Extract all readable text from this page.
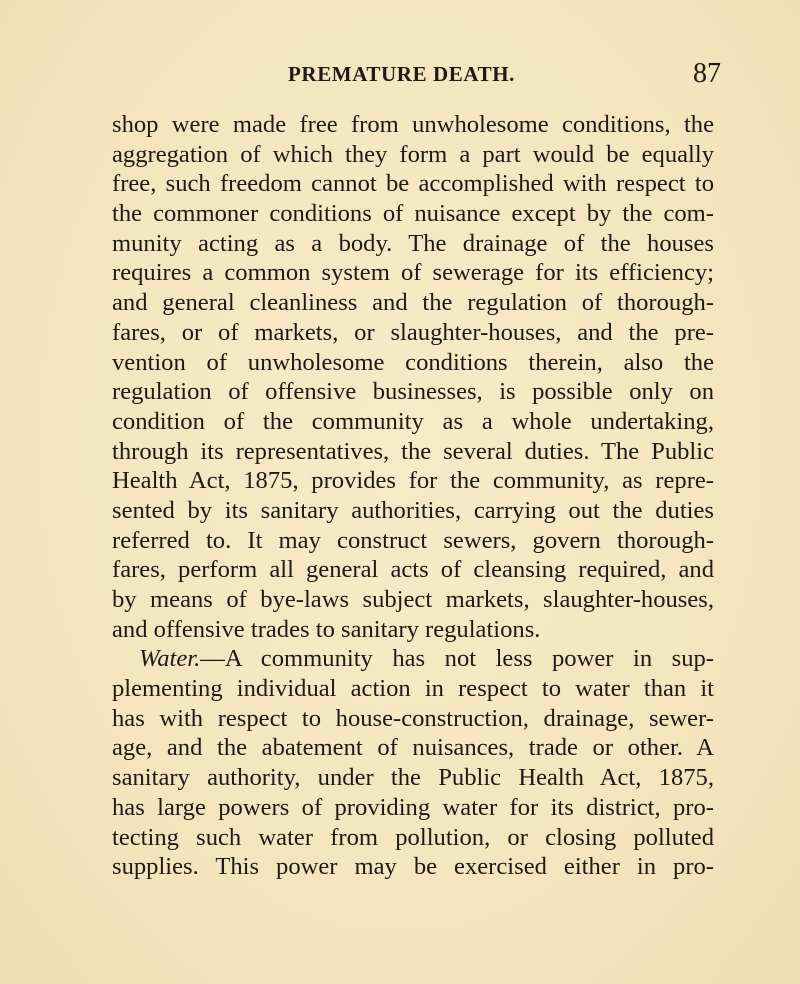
PREMATURE DEATH.	87
shop were made free from unwholesome conditions, the
aggregation of which they form a part would be equally
free, such freedom cannot be accomplished with respect to
the commoner conditions of nuisance except by the com-
munity acting as a body. The drainage of the houses
requires a common system of sewerage for its efficiency;
and general cleanliness and the regulation of thorough-
fares, or of markets, or slaughter-houses, and the pre-
vention of unwholesome conditions therein, also the
regulation of offensive businesses, is possible only on
condition of the community as a whole undertaking,
through its representatives, the several duties. The Public
Health Act, 1875, provides for the community, as repre-
sented by its sanitary authorities, carrying out the duties
referred to. It may construct sewers, govern thorough-
fares, perform all general acts of cleansing required, and
by means of bye-laws subject markets, slaughter-houses,
and offensive trades to sanitary regulations.
Water.—A community has not less power in sup-
plementing individual action in respect to water than it
has with respect to house-construction, drainage, sewer-
age, and the abatement of nuisances, trade or other. A
sanitary authority, under the Public Health Act, 1875,
has large powers of providing water for its district, pro-
tecting such water from pollution, or closing polluted
supplies. This power may be exercised either in pro-
